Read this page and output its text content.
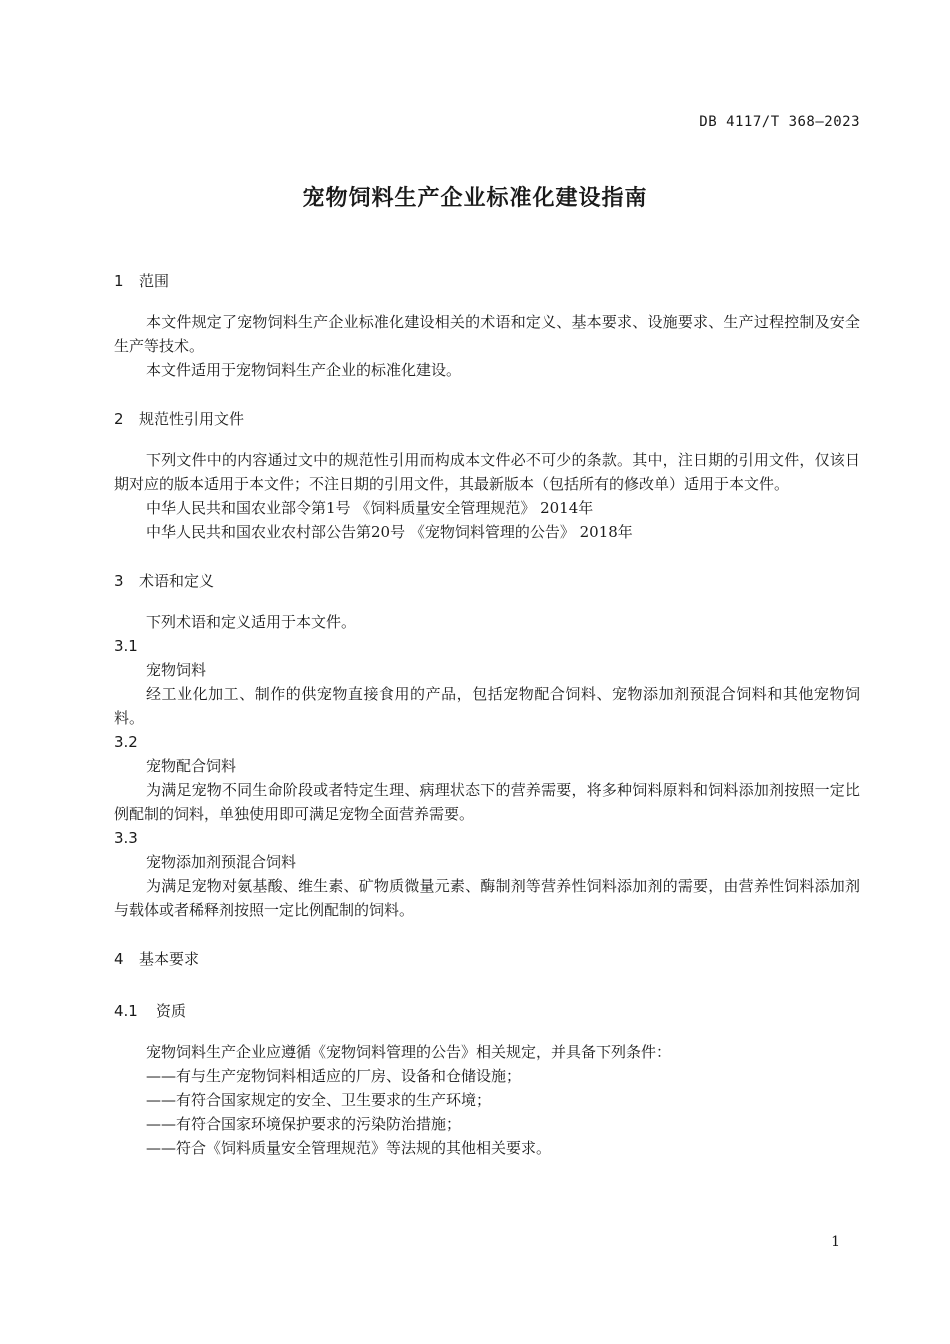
DB 4117/T 368—2023
宠物饲料生产企业标准化建设指南
1 范围

本文件规定了宠物饲料生产企业标准化建设相关的术语和定义、基本要求、设施要求、生产过程控制及安全生产等技术。

本文件适用于宠物饲料生产企业的标准化建设。

2 规范性引用文件

下列文件中的内容通过文中的规范性引用而构成本文件必不可少的条款。其中，注日期的引用文件，仅该日期对应的版本适用于本文件；不注日期的引用文件，其最新版本（包括所有的修改单）适用于本文件。

中华人民共和国农业部令第1号 《饲料质量安全管理规范》 2014年

中华人民共和国农业农村部公告第20号 《宠物饲料管理的公告》 2018年

3 术语和定义

下列术语和定义适用于本文件。

3.1
宠物饲料

经工业化加工、制作的供宠物直接食用的产品，包括宠物配合饲料、宠物添加剂预混合饲料和其他宠物饲料。

3.2
宠物配合饲料

为满足宠物不同生命阶段或者特定生理、病理状态下的营养需要，将多种饲料原料和饲料添加剂按照一定比例配制的饲料，单独使用即可满足宠物全面营养需要。

3.3
宠物添加剂预混合饲料

为满足宠物对氨基酸、维生素、矿物质微量元素、酶制剂等营养性饲料添加剂的需要，由营养性饲料添加剂与载体或者稀释剂按照一定比例配制的饲料。

4 基本要求
4.1 资质

宠物饲料生产企业应遵循《宠物饲料管理的公告》相关规定，并具备下列条件：

——有与生产宠物饲料相适应的厂房、设备和仓储设施；

——有符合国家规定的安全、卫生要求的生产环境；

——有符合国家环境保护要求的污染防治措施；

——符合《饲料质量安全管理规范》等法规的其他相关要求。

1
